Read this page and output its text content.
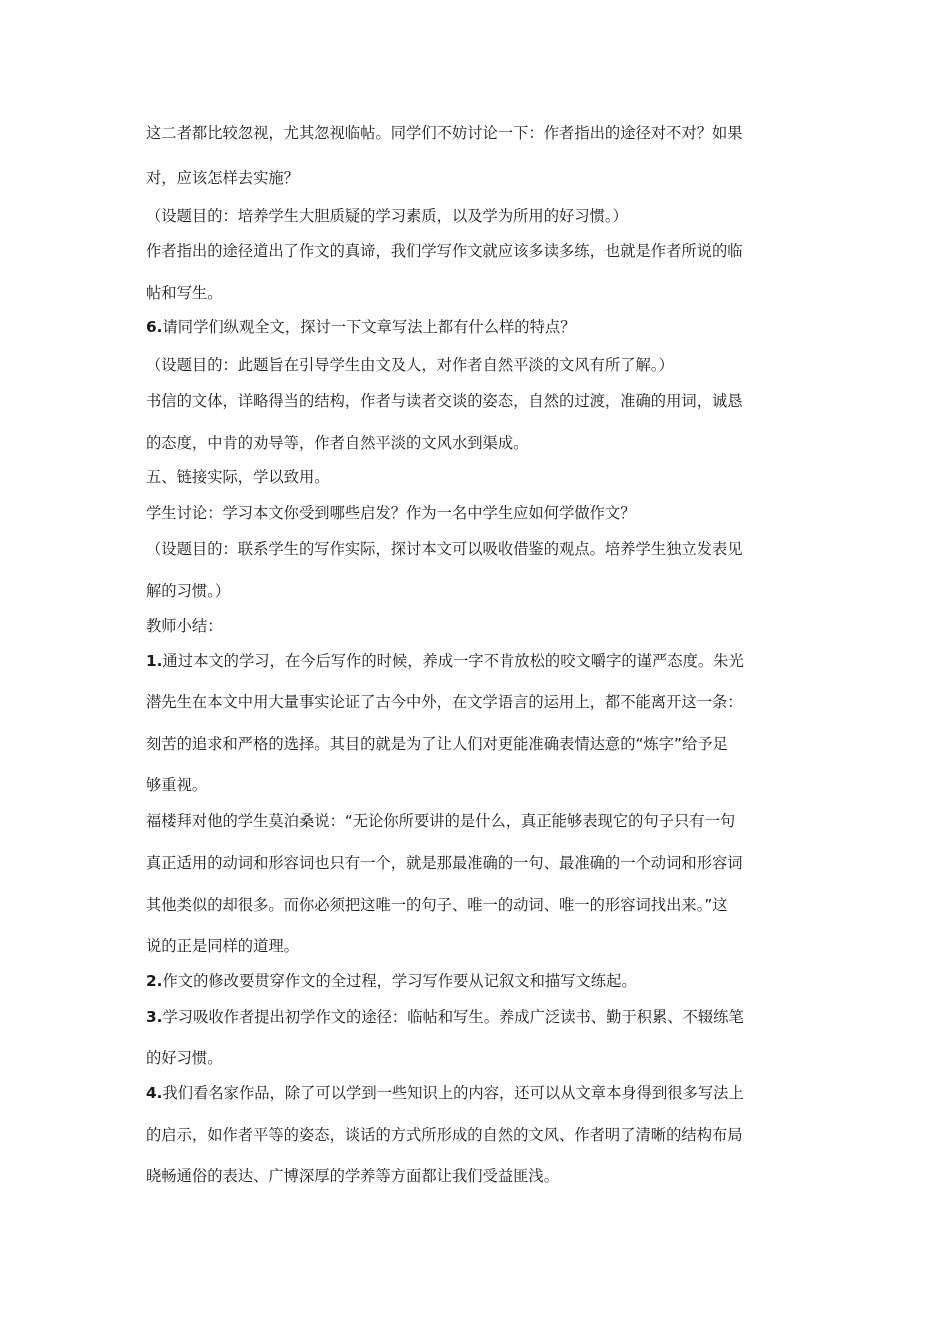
这二者都比较忽视，尤其忽视临帖。同学们不妨讨论一下：作者指出的途径对不对？如果

对，应该怎样去实施？

（设题目的：培养学生大胆质疑的学习素质，以及学为所用的好习惯。）

作者指出的途径道出了作文的真谛，我们学写作文就应该多读多练，也就是作者所说的临

帖和写生。

6.请同学们纵观全文，探讨一下文章写法上都有什么样的特点？

（设题目的：此题旨在引导学生由文及人，对作者自然平淡的文风有所了解。）

书信的文体，详略得当的结构，作者与读者交谈的姿态，自然的过渡，准确的用词，诚恳

的态度，中肯的劝导等，作者自然平淡的文风水到渠成。

五、链接实际，学以致用。

学生讨论：学习本文你受到哪些启发？作为一名中学生应如何学做作文？

（设题目的：联系学生的写作实际，探讨本文可以吸收借鉴的观点。培养学生独立发表见

解的习惯。）

教师小结：

1.通过本文的学习，在今后写作的时候，养成一字不肯放松的咬文嚼字的谨严态度。朱光

潜先生在本文中用大量事实论证了古今中外，在文学语言的运用上，都不能离开这一条：

刻苦的追求和严格的选择。其目的就是为了让人们对更能准确表情达意的“炼字”给予足

够重视。

福楼拜对他的学生莫泊桑说：“无论你所要讲的是什么，真正能够表现它的句子只有一句

真正适用的动词和形容词也只有一个，就是那最准确的一句、最准确的一个动词和形容词

其他类似的却很多。而你必须把这唯一的句子、唯一的动词、唯一的形容词找出来。”这

说的正是同样的道理。

2.作文的修改要贯穿作文的全过程，学习写作要从记叙文和描写文练起。

3.学习吸收作者提出初学作文的途径：临帖和写生。养成广泛读书、勤于积累、不辍练笔

的好习惯。

4.我们看名家作品，除了可以学到一些知识上的内容，还可以从文章本身得到很多写法上

的启示，如作者平等的姿态，谈话的方式所形成的自然的文风、作者明了清晰的结构布局

晓畅通俗的表达、广博深厚的学养等方面都让我们受益匪浅。
